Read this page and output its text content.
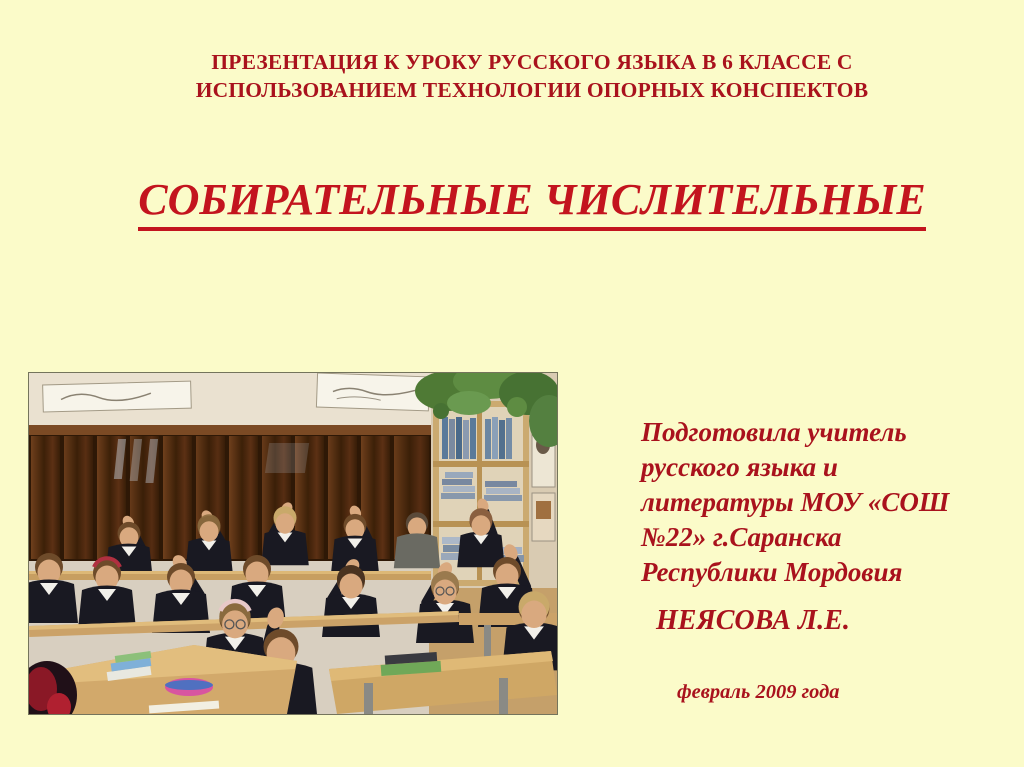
ПРЕЗЕНТАЦИЯ К УРОКУ РУССКОГО ЯЗЫКА В 6 КЛАССЕ С
ИСПОЛЬЗОВАНИЕМ ТЕХНОЛОГИИ ОПОРНЫХ КОНСПЕКТОВ
СОБИРАТЕЛЬНЫЕ ЧИСЛИТЕЛЬНЫЕ
Подготовила учитель
русского языка и
литературы МОУ «СОШ
№22» г.Саранска
Республики Мордовия
НЕЯСОВА Л.Е.
февраль 2009 года
